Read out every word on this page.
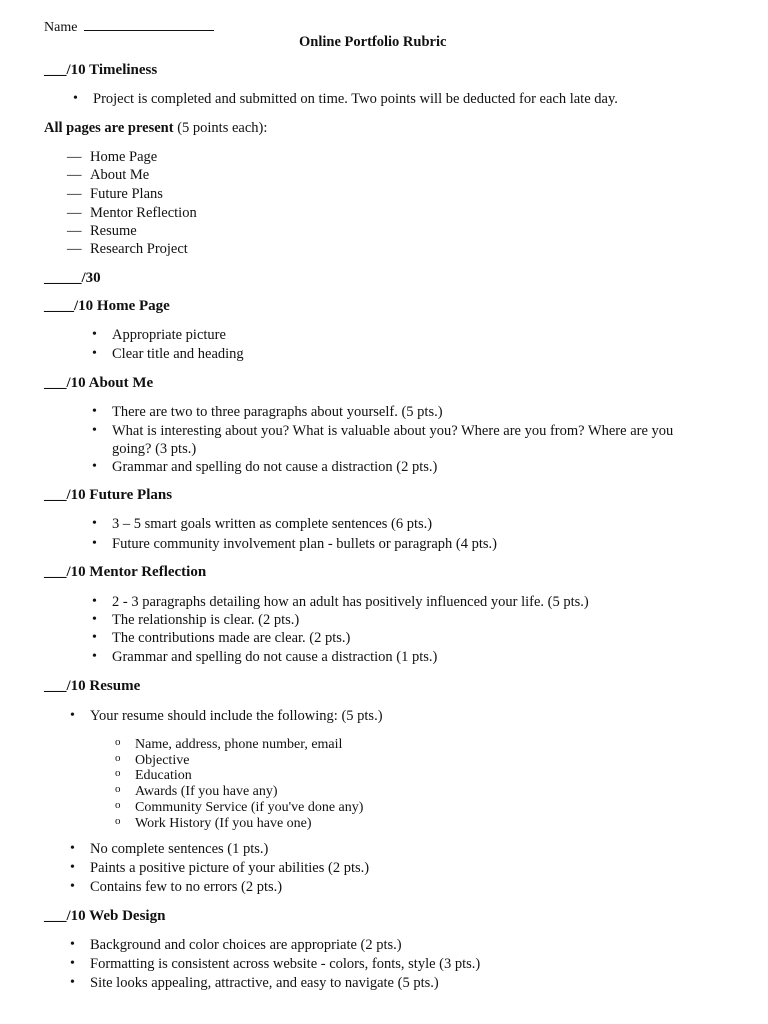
Name
Online Portfolio Rubric
___/10 Timeliness
• Project is completed and submitted on time. Two points will be deducted for each late day.
All pages are present (5 points each):
— Home Page
— About Me
— Future Plans
— Mentor Reflection
— Resume
— Research Project
_____/30
____/10 Home Page
• Appropriate picture
• Clear title and heading
___/10 About Me
• There are two to three paragraphs about yourself. (5 pts.)
• What is interesting about you? What is valuable about you? Where are you from? Where are you
going? (3 pts.)
• Grammar and spelling do not cause a distraction (2 pts.)
___/10 Future Plans
• 3 – 5 smart goals written as complete sentences (6 pts.)
• Future community involvement plan - bullets or paragraph (4 pts.)
___/10 Mentor Reflection
• 2 - 3 paragraphs detailing how an adult has positively influenced your life. (5 pts.)
• The relationship is clear. (2 pts.)
• The contributions made are clear. (2 pts.)
• Grammar and spelling do not cause a distraction (1 pts.)
___/10 Resume
• Your resume should include the following: (5 pts.)
o Name, address, phone number, email
o Objective
o Education
o Awards (If you have any)
o Community Service (if you've done any)
o Work History (If you have one)
• No complete sentences (1 pts.)
• Paints a positive picture of your abilities (2 pts.)
• Contains few to no errors (2 pts.)
___/10 Web Design
• Background and color choices are appropriate (2 pts.)
• Formatting is consistent across website - colors, fonts, style (3 pts.)
• Site looks appealing, attractive, and easy to navigate (5 pts.)
